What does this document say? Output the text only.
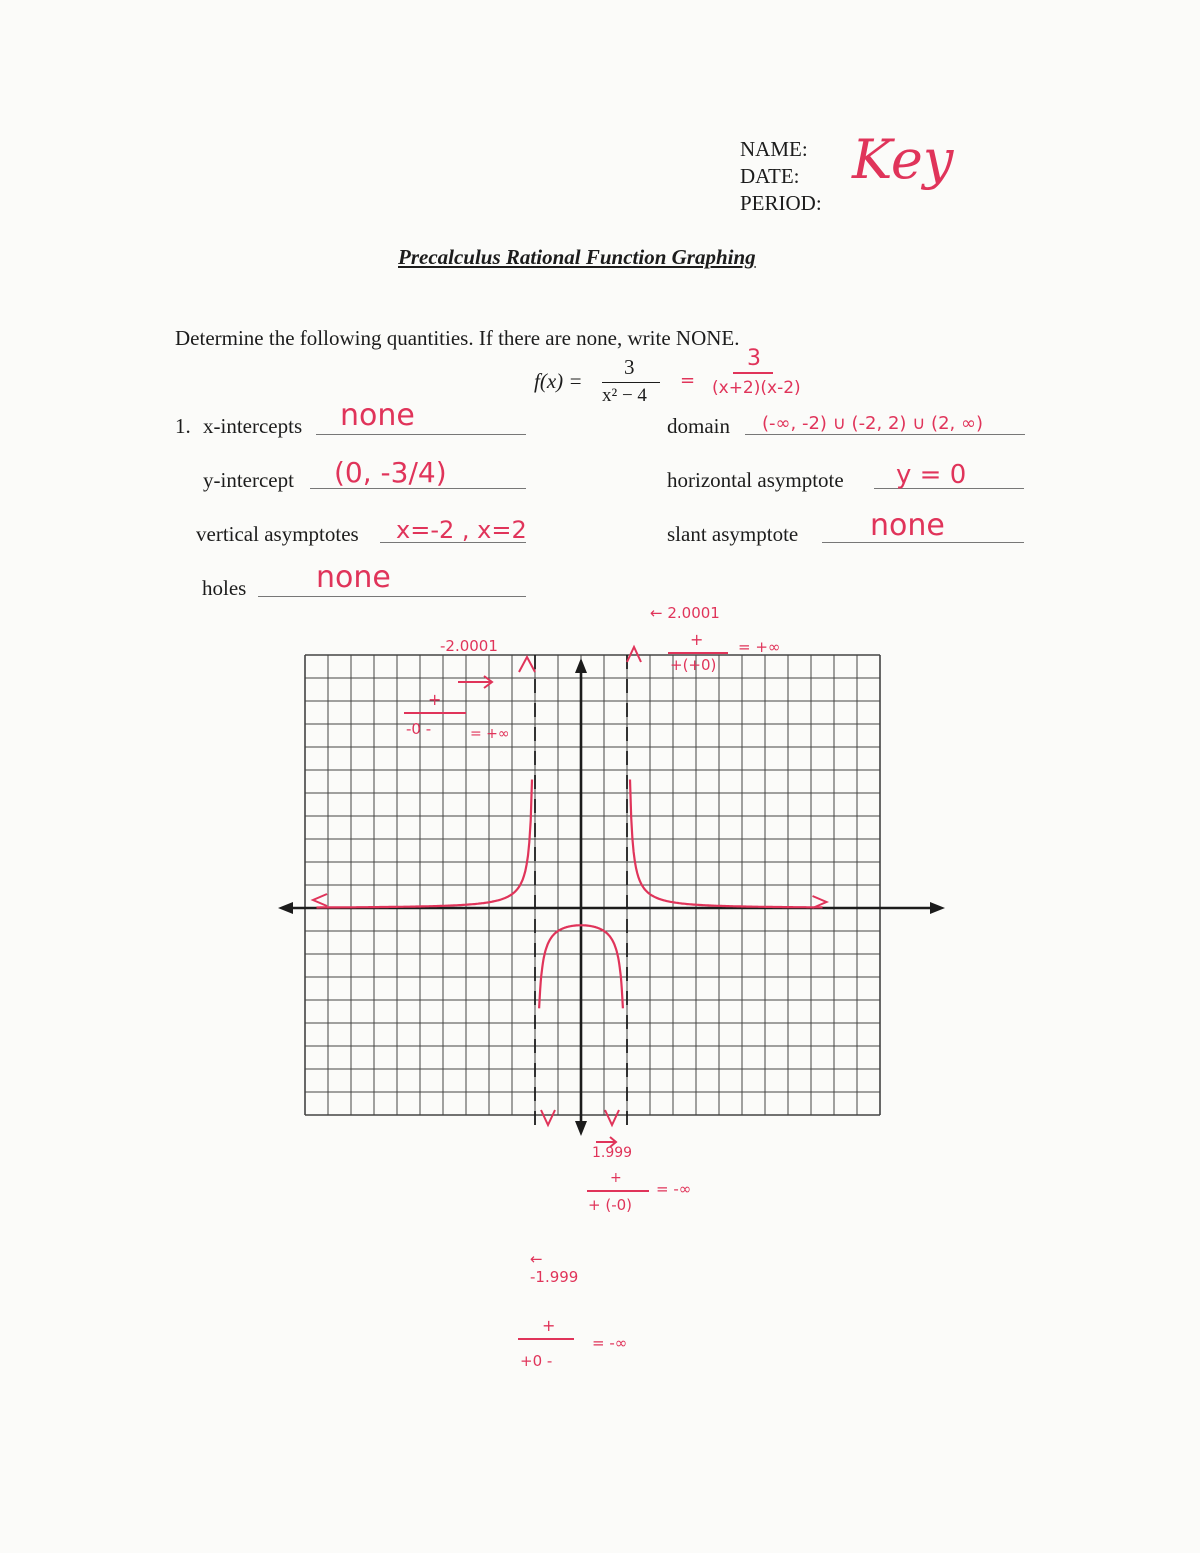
NAME:
DATE:
PERIOD:
Key
Precalculus Rational Function Graphing
Determine the following quantities. If there are none, write NONE.
f(x) =
3
x² − 4
=
3
(x+2)(x-2)
1. x-intercepts none
y-intercept (0, -3/4)
vertical asymptotes x=-2 , x=2
holes none
domain (-∞, -2) ∪ (-2, 2) ∪ (2, ∞)
horizontal asymptote y = 0
slant asymptote none
-2.0001
+
-0 -	= +∞
← 2.0001
+
+(+0)
= +∞
1.999
+
+ (-0)
= -∞
←
-1.999
+
+0 -
= -∞
